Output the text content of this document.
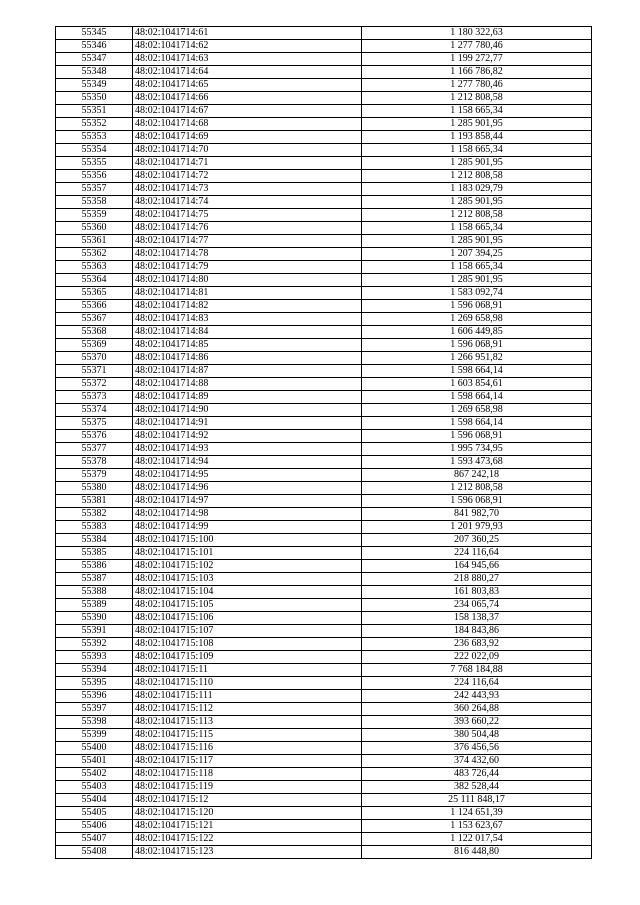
55345	48:02:1041714:61	1 180 322,63
55346	48:02:1041714:62	1 277 780,46
55347	48:02:1041714:63	1 199 272,77
55348	48:02:1041714:64	1 166 786,82
55349	48:02:1041714:65	1 277 780,46
55350	48:02:1041714:66	1 212 808,58
55351	48:02:1041714:67	1 158 665,34
55352	48:02:1041714:68	1 285 901,95
55353	48:02:1041714:69	1 193 858,44
55354	48:02:1041714:70	1 158 665,34
55355	48:02:1041714:71	1 285 901,95
55356	48:02:1041714:72	1 212 808,58
55357	48:02:1041714:73	1 183 029,79
55358	48:02:1041714:74	1 285 901,95
55359	48:02:1041714:75	1 212 808,58
55360	48:02:1041714:76	1 158 665,34
55361	48:02:1041714:77	1 285 901,95
55362	48:02:1041714:78	1 207 394,25
55363	48:02:1041714:79	1 158 665,34
55364	48:02:1041714:80	1 285 901,95
55365	48:02:1041714:81	1 583 092,74
55366	48:02:1041714:82	1 596 068,91
55367	48:02:1041714:83	1 269 658,98
55368	48:02:1041714:84	1 606 449,85
55369	48:02:1041714:85	1 596 068,91
55370	48:02:1041714:86	1 266 951,82
55371	48:02:1041714:87	1 598 664,14
55372	48:02:1041714:88	1 603 854,61
55373	48:02:1041714:89	1 598 664,14
55374	48:02:1041714:90	1 269 658,98
55375	48:02:1041714:91	1 598 664,14
55376	48:02:1041714:92	1 596 068,91
55377	48:02:1041714:93	1 995 734,95
55378	48:02:1041714:94	1 593 473,68
55379	48:02:1041714:95	867 242,18
55380	48:02:1041714:96	1 212 808,58
55381	48:02:1041714:97	1 596 068,91
55382	48:02:1041714:98	841 982,70
55383	48:02:1041714:99	1 201 979,93
55384	48:02:1041715:100	207 360,25
55385	48:02:1041715:101	224 116,64
55386	48:02:1041715:102	164 945,66
55387	48:02:1041715:103	218 880,27
55388	48:02:1041715:104	161 803,83
55389	48:02:1041715:105	234 065,74
55390	48:02:1041715:106	158 138,37
55391	48:02:1041715:107	184 843,86
55392	48:02:1041715:108	236 683,92
55393	48:02:1041715:109	222 022,09
55394	48:02:1041715:11	7 768 184,88
55395	48:02:1041715:110	224 116,64
55396	48:02:1041715:111	242 443,93
55397	48:02:1041715:112	360 264,88
55398	48:02:1041715:113	393 660,22
55399	48:02:1041715:115	380 504,48
55400	48:02:1041715:116	376 456,56
55401	48:02:1041715:117	374 432,60
55402	48:02:1041715:118	483 726,44
55403	48:02:1041715:119	382 528,44
55404	48:02:1041715:12	25 111 848,17
55405	48:02:1041715:120	1 124 651,39
55406	48:02:1041715:121	1 153 623,67
55407	48:02:1041715:122	1 122 017,54
55408	48:02:1041715:123	816 448,80
